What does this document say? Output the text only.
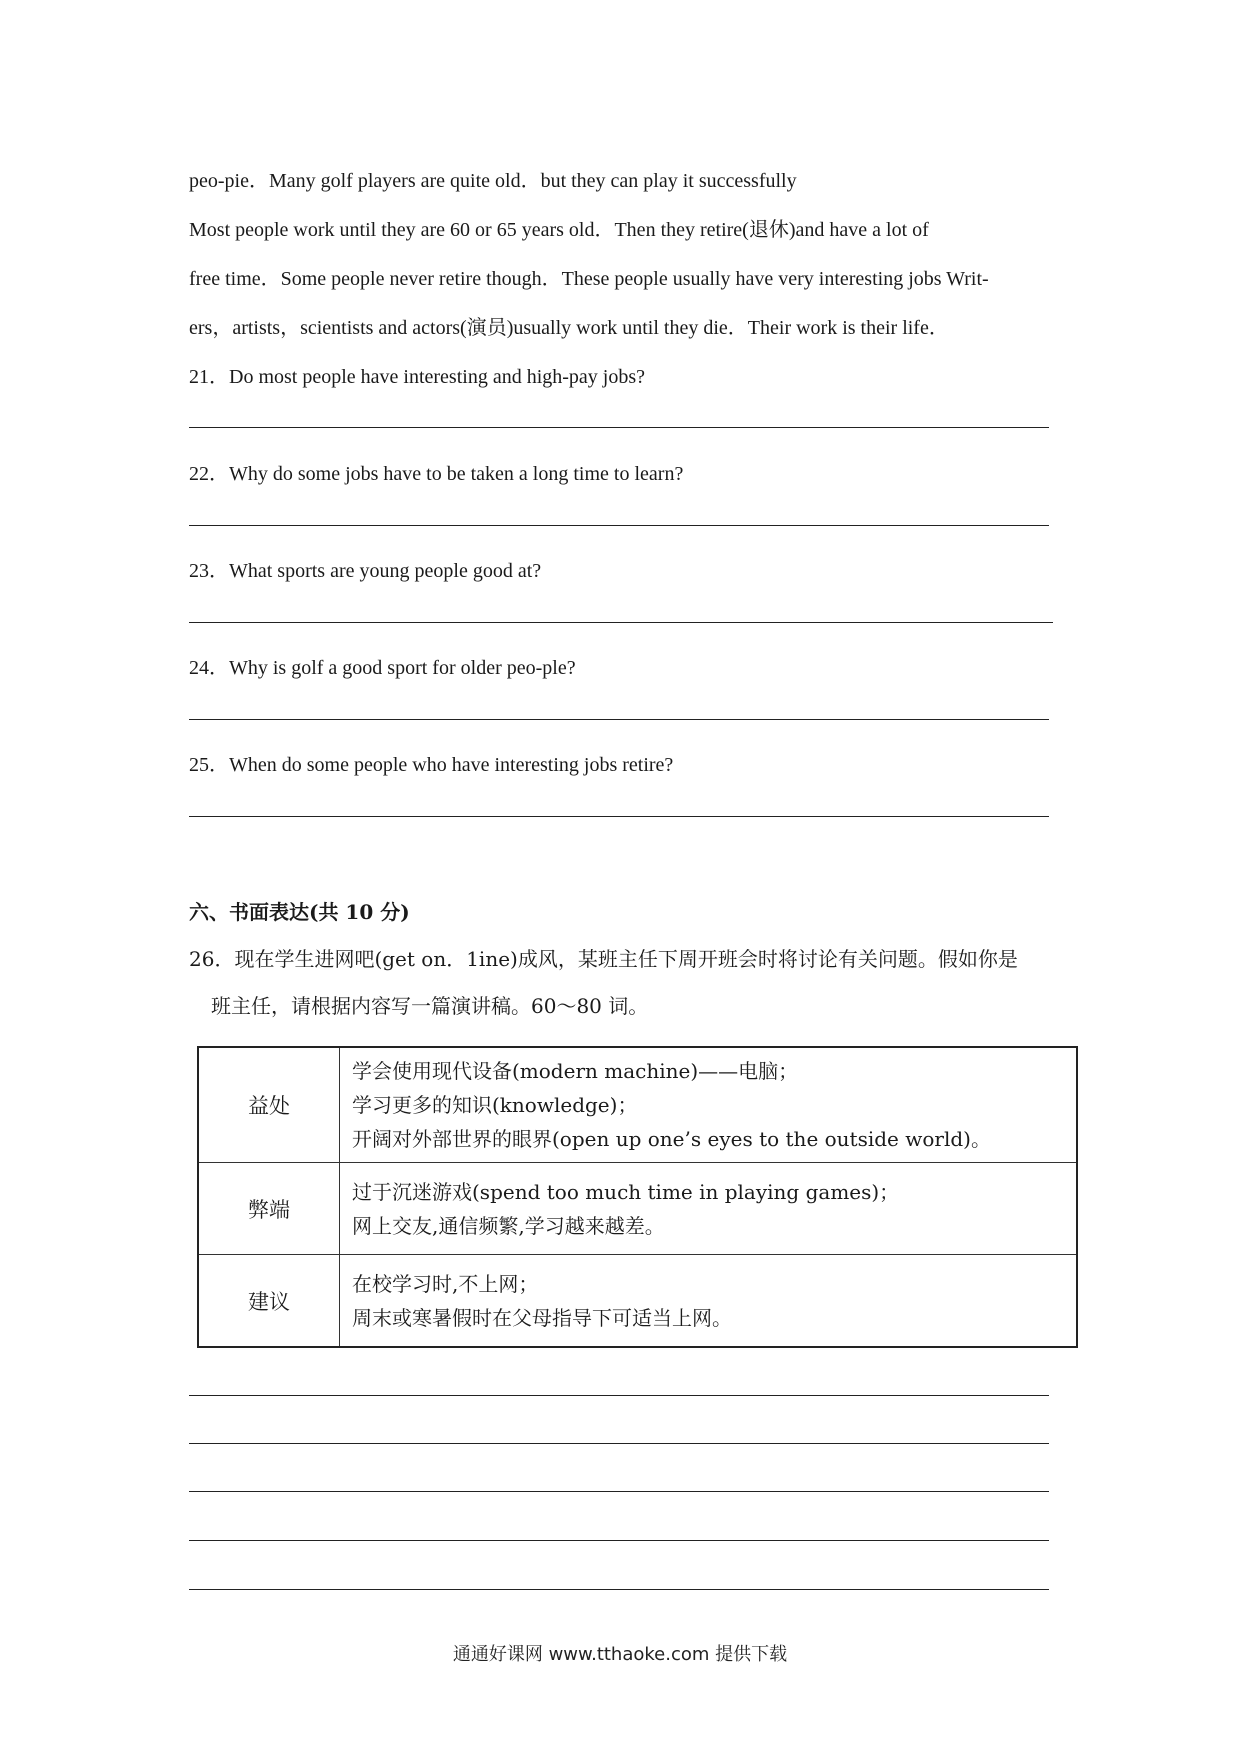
peo-pie．Many golf players are quite old．but they can play it successfully
Most people work until they are 60 or 65 years old．Then they retire(退休)and have a lot of
free time．Some people never retire though．These people usually have very interesting jobs Writ-
ers，artists，scientists and actors(演员)usually work until they die．Their work is their life．
21．Do most people have interesting and high-pay jobs?
22．Why do some jobs have to be taken a long time to learn?
23．What sports are young people good at?
24．Why is golf a good sport for older peo-ple?
25．When do some people who have interesting jobs retire?
六、书面表达(共 10 分)
26．现在学生进网吧(get on．1ine)成风，某班主任下周开班会时将讨论有关问题。假如你是
班主任，请根据内容写一篇演讲稿。60～80 词。
益处	学会使用现代设备(modern machine)——电脑；
学习更多的知识(knowledge)；
开阔对外部世界的眼界(open up one’s eyes to the outside world)。

弊端	过于沉迷游戏(spend too much time in playing games)；
网上交友,通信频繁,学习越来越差。

建议	在校学习时,不上网；
周末或寒暑假时在父母指导下可适当上网。
通通好课网 www.tthaoke.com 提供下载
